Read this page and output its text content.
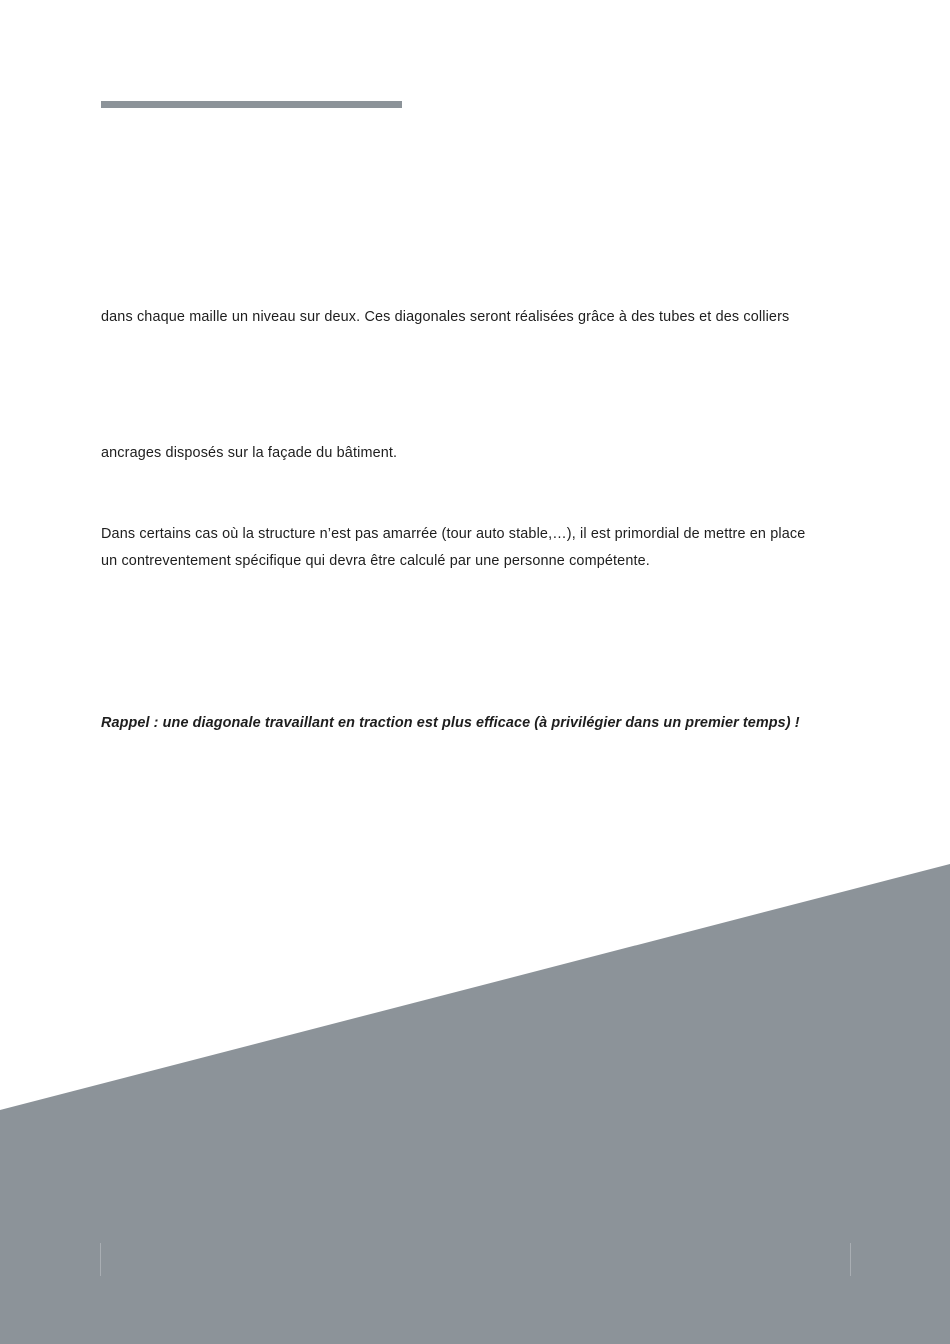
dans chaque maille un niveau sur deux. Ces diagonales seront réalisées grâce à des tubes et des colliers

ancrages disposés sur la façade du bâtiment.

Dans certains cas où la structure n’est pas amarrée (tour auto stable,…), il est primordial de mettre en place
un contreventement spécifique qui devra être calculé par une personne compétente.

Rappel : une diagonale travaillant en traction est plus efficace (à privilégier dans un premier temps) !
